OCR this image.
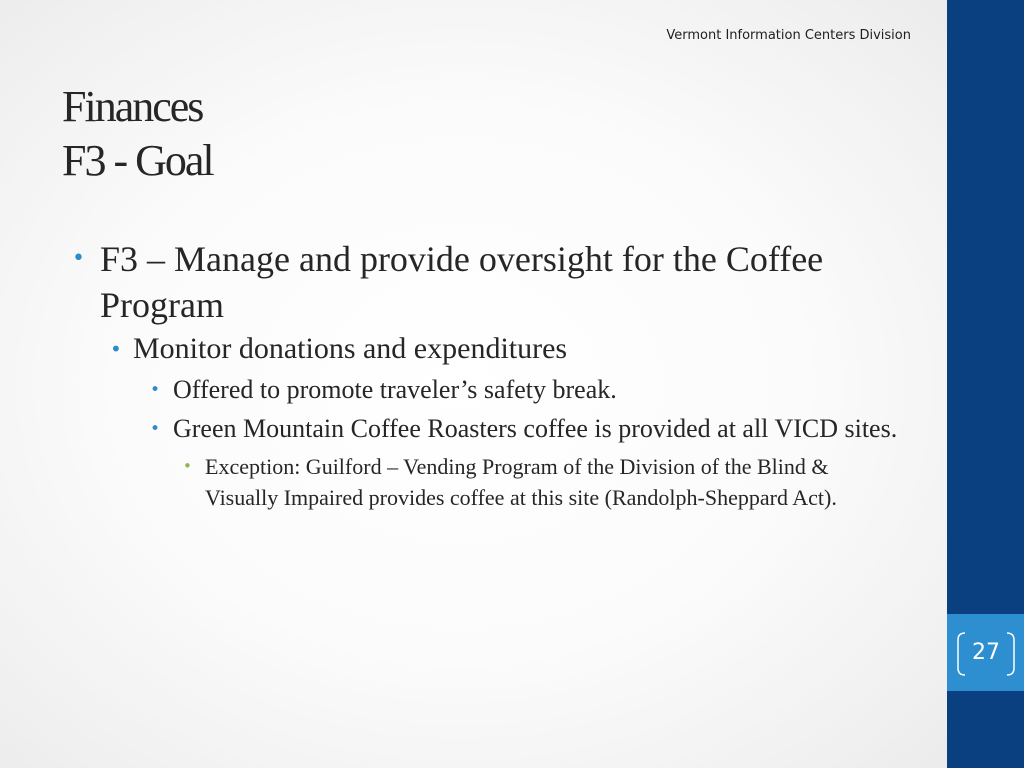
Vermont Information Centers Division
Finances
F3 - Goal
• F3 – Manage and provide oversight for the Coffee Program
• Monitor donations and expenditures
• Offered to promote traveler’s safety break.
• Green Mountain Coffee Roasters coffee is provided at all VICD sites.
• Exception: Guilford – Vending Program of the Division of the Blind & Visually Impaired provides coffee at this site (Randolph-Sheppard Act).
27
